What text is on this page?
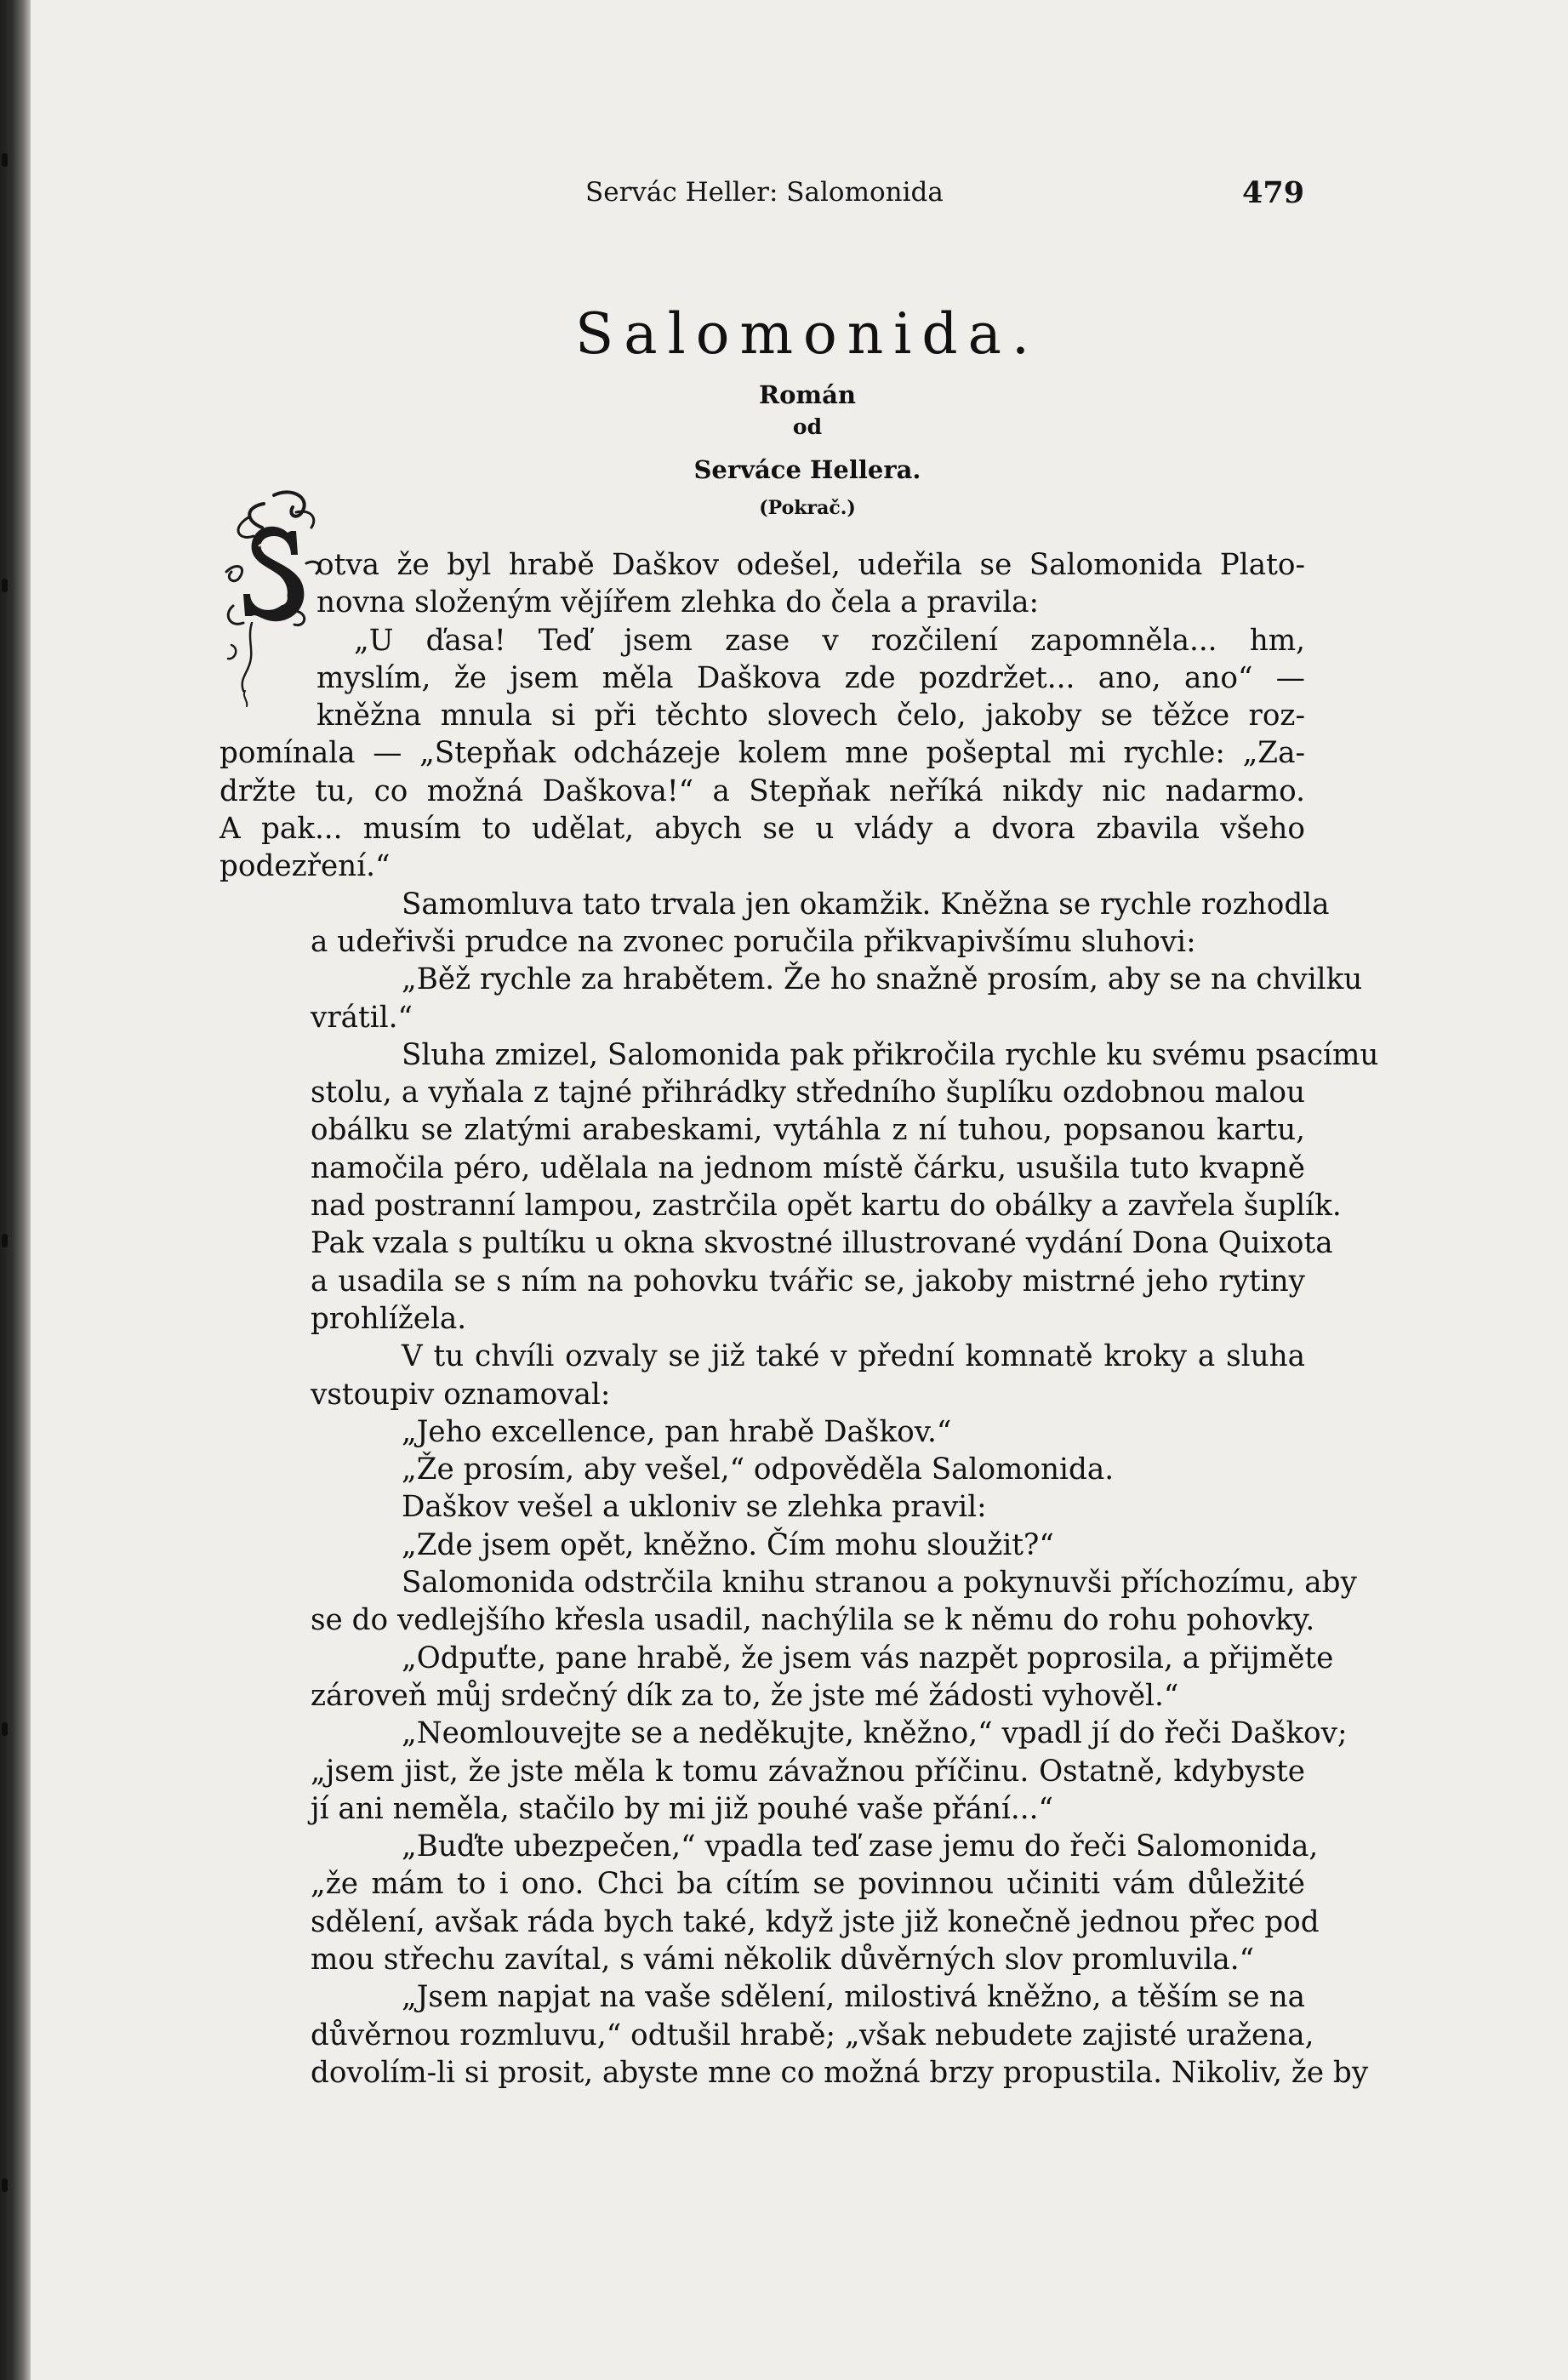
Servác Heller: Salomonida	479
Salomonida.
Román
od
Serváce Hellera.
(Pokrač.)

otva že byl hrabě Daškov odešel, udeřila se Salomonida Plato-
novna složeným vějířem zlehka do čela a pravila:
„U ďasa! Teď jsem zase v rozčilení zapomněla... hm,
myslím, že jsem měla Daškova zde pozdržet... ano, ano“ —
kněžna mnula si při těchto slovech čelo, jakoby se těžce roz-
pomínala — „Stepňak odcházeje kolem mne pošeptal mi rychle: „Za-
držte tu, co možná Daškova!“ a Stepňak neříká nikdy nic nadarmo.
A pak... musím to udělat, abych se u vlády a dvora zbavila všeho
podezření.“

Samomluva tato trvala jen okamžik. Kněžna se rychle rozhodla
a udeřivši prudce na zvonec poručila přikvapivšímu sluhovi:

„Běž rychle za hrabětem. Že ho snažně prosím, aby se na chvilku
vrátil.“

Sluha zmizel, Salomonida pak přikročila rychle ku svému psacímu
stolu, a vyňala z tajné přihrádky středního šuplíku ozdobnou malou
obálku se zlatými arabeskami, vytáhla z ní tuhou, popsanou kartu,
namočila péro, udělala na jednom místě čárku, usušila tuto kvapně
nad postranní lampou, zastrčila opět kartu do obálky a zavřela šuplík.
Pak vzala s pultíku u okna skvostné illustrované vydání Dona Quixota
a usadila se s ním na pohovku tvářic se, jakoby mistrné jeho rytiny
prohlížela.

V tu chvíli ozvaly se již také v přední komnatě kroky a sluha
vstoupiv oznamoval:

„Jeho excellence, pan hrabě Daškov.“

„Že prosím, aby vešel,“ odpověděla Salomonida.

Daškov vešel a ukloniv se zlehka pravil:

„Zde jsem opět, kněžno. Čím mohu sloužit?“

Salomonida odstrčila knihu stranou a pokynuvši příchozímu, aby
se do vedlejšího křesla usadil, nachýlila se k němu do rohu pohovky.

„Odpuťte, pane hrabě, že jsem vás nazpět poprosila, a přijměte
zároveň můj srdečný dík za to, že jste mé žádosti vyhověl.“

„Neomlouvejte se a neděkujte, kněžno,“ vpadl jí do řeči Daškov;
„jsem jist, že jste měla k tomu závažnou příčinu. Ostatně, kdybyste
jí ani neměla, stačilo by mi již pouhé vaše přání...“

„Buďte ubezpečen,“ vpadla teď zase jemu do řeči Salomonida,
„že mám to i ono. Chci ba cítím se povinnou učiniti vám důležité
sdělení, avšak ráda bych také, když jste již konečně jednou přec pod
mou střechu zavítal, s vámi několik důvěrných slov promluvila.“

„Jsem napjat na vaše sdělení, milostivá kněžno, a těším se na
důvěrnou rozmluvu,“ odtušil hrabě; „však nebudete zajisté uražena,
dovolím-li si prosit, abyste mne co možná brzy propustila. Nikoliv, že by
